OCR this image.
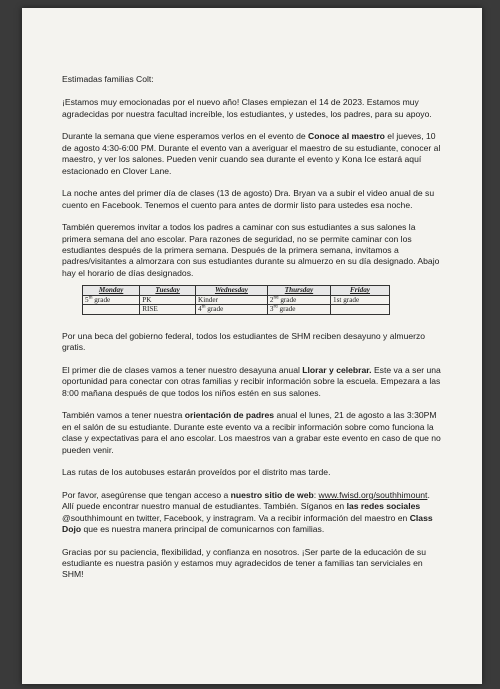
Estimadas familias Colt:

¡Estamos muy emocionadas por el nuevo año! Clases empiezan el 14 de 2023. Estamos muy agradecidas por nuestra facultad increíble, los estudiantes, y ustedes, los padres, para su apoyo.

Durante la semana que viene esperamos verlos en el evento de Conoce al maestro el jueves, 10 de agosto 4:30-6:00 PM. Durante el evento van a averiguar el maestro de su estudiante, conocer al maestro, y ver los salones. Pueden venir cuando sea durante el evento y Kona Ice estará aquí estacionado en Clover Lane.

La noche antes del primer día de clases (13 de agosto) Dra. Bryan va a subir el video anual de su cuento en Facebook. Tenemos el cuento para antes de dormir listo para ustedes esa noche.

También queremos invitar a todos los padres a caminar con sus estudiantes a sus salones la primera semana del ano escolar. Para razones de seguridad, no se permite caminar con los estudiantes después de la primera semana. Después de la primera semana, invitamos a padres/visitantes a almorzara con sus estudiantes durante su almuerzo en su día designado. Abajo hay el horario de días designados.

Monday	Tuesday	Wednesday	Thursday	Friday
5th grade	PK	Kinder	2nd grade	1st grade
	RISE	4th grade	3rd grade	

Por una beca del gobierno federal, todos los estudiantes de SHM reciben desayuno y almuerzo gratis.

El primer die de clases vamos a tener nuestro desayuna anual Llorar y celebrar. Este va a ser una oportunidad para conectar con otras familias y recibir información sobre la escuela. Empezara a las 8:00 mañana después de que todos los niños estén en sus salones.

También vamos a tener nuestra orientación de padres anual el lunes, 21 de agosto a las 3:30PM en el salón de su estudiante. Durante este evento va a recibir información sobre como funciona la clase y expectativas para el ano escolar. Los maestros van a grabar este evento en caso de que no pueden venir.

Las rutas de los autobuses estarán proveídos por el distrito mas tarde.

Por favor, asegúrense que tengan acceso a nuestro sitio de web: www.fwisd.org/southhimount. Allí puede encontrar nuestro manual de estudiantes. También. Síganos en las redes sociales @southhimount en twitter, Facebook, y instragram. Va a recibir información del maestro en Class Dojo que es nuestra manera principal de comunicarnos con familias.

Gracias por su paciencia, flexibilidad, y confianza en nosotros. ¡Ser parte de la educación de su estudiante es nuestra pasión y estamos muy agradecidos de tener a familias tan serviciales en SHM!
